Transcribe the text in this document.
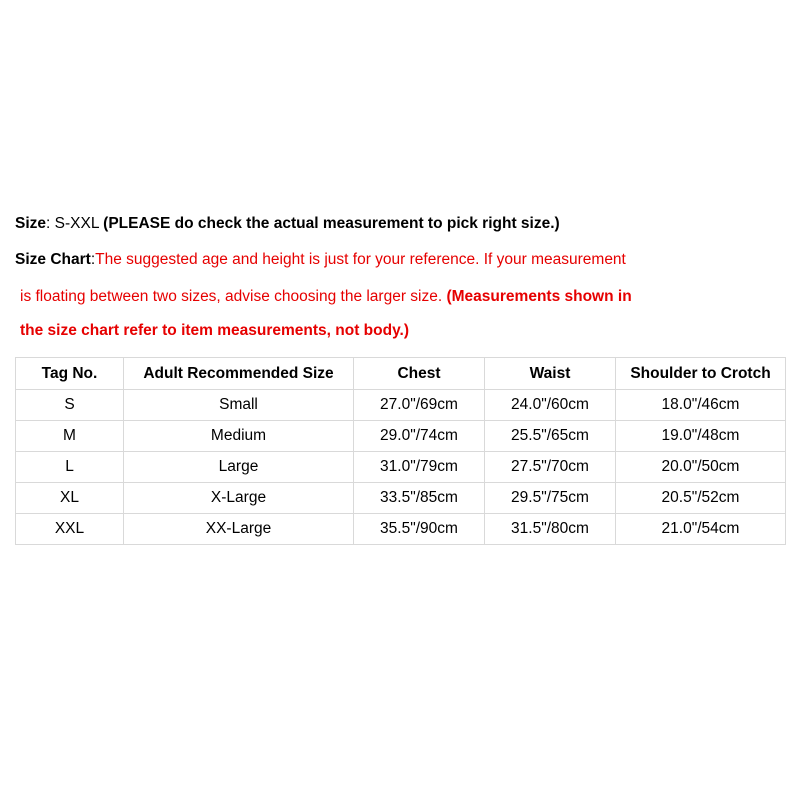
Size: S-XXL (PLEASE do check the actual measurement to pick right size.)
Size Chart:The suggested age and height is just for your reference. If your measurement
is floating between two sizes, advise choosing the larger size. (Measurements shown in
the size chart refer to item measurements, not body.)
Tag No.	Adult Recommended Size	Chest	Waist	Shoulder to Crotch
S	Small	27.0"/69cm	24.0"/60cm	18.0"/46cm
M	Medium	29.0"/74cm	25.5"/65cm	19.0"/48cm
L	Large	31.0"/79cm	27.5"/70cm	20.0"/50cm
XL	X-Large	33.5"/85cm	29.5"/75cm	20.5"/52cm
XXL	XX-Large	35.5"/90cm	31.5"/80cm	21.0"/54cm
